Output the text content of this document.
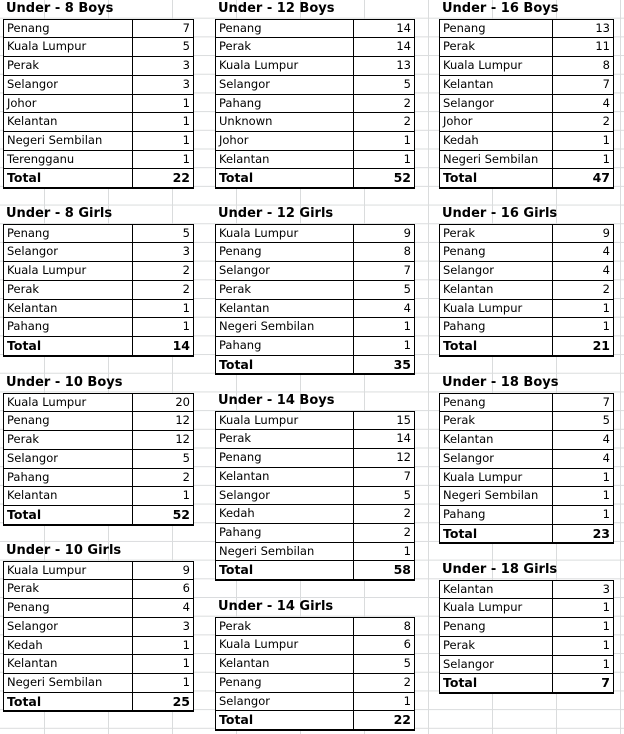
Under - 8 Boys
Penang	7
Kuala Lumpur	5
Perak	3
Selangor	3
Johor	1
Kelantan	1
Negeri Sembilan	1
Terengganu	1
Total	22
Under - 8 Girls
Penang	5
Selangor	3
Kuala Lumpur	2
Perak	2
Kelantan	1
Pahang	1
Total	14
Under - 10 Boys
Kuala Lumpur	20
Penang	12
Perak	12
Selangor	5
Pahang	2
Kelantan	1
Total	52
Under - 10 Girls
Kuala Lumpur	9
Perak	6
Penang	4
Selangor	3
Kedah	1
Kelantan	1
Negeri Sembilan	1
Total	25
Under - 12 Boys
Penang	14
Perak	14
Kuala Lumpur	13
Selangor	5
Pahang	2
Unknown	2
Johor	1
Kelantan	1
Total	52
Under - 12 Girls
Kuala Lumpur	9
Penang	8
Selangor	7
Perak	5
Kelantan	4
Negeri Sembilan	1
Pahang	1
Total	35
Under - 14 Boys
Kuala Lumpur	15
Perak	14
Penang	12
Kelantan	7
Selangor	5
Kedah	2
Pahang	2
Negeri Sembilan	1
Total	58
Under - 14 Girls
Perak	8
Kuala Lumpur	6
Kelantan	5
Penang	2
Selangor	1
Total	22
Under - 16 Boys
Penang	13
Perak	11
Kuala Lumpur	8
Kelantan	7
Selangor	4
Johor	2
Kedah	1
Negeri Sembilan	1
Total	47
Under - 16 Girls
Perak	9
Penang	4
Selangor	4
Kelantan	2
Kuala Lumpur	1
Pahang	1
Total	21
Under - 18 Boys
Penang	7
Perak	5
Kelantan	4
Selangor	4
Kuala Lumpur	1
Negeri Sembilan	1
Pahang	1
Total	23
Under - 18 Girls
Kelantan	3
Kuala Lumpur	1
Penang	1
Perak	1
Selangor	1
Total	7
